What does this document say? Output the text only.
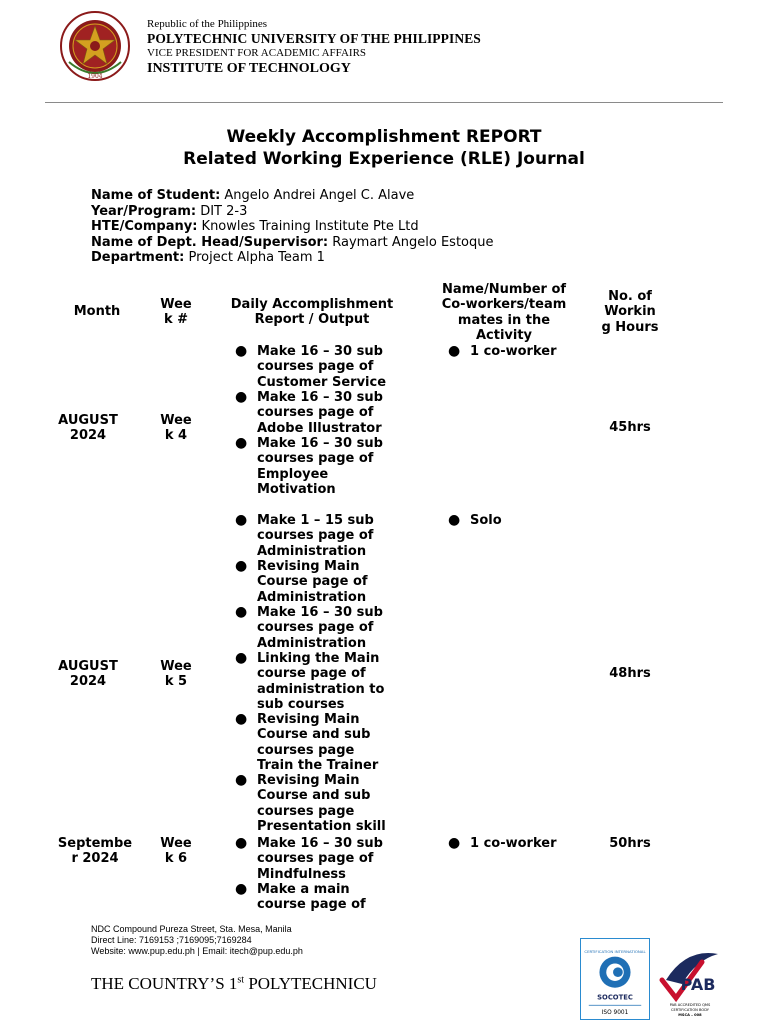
1904
Republic of the Philippines
POLYTECHNIC UNIVERSITY OF THE PHILIPPINES
VICE PRESIDENT FOR ACADEMIC AFFAIRS
INSTITUTE OF TECHNOLOGY
Weekly Accomplishment REPORT
Related Working Experience (RLE) Journal
Name of Student: Angelo Andrei Angel C. Alave
Year/Program: DIT 2-3
HTE/Company: Knowles Training Institute Pte Ltd
Name of Dept. Head/Supervisor: Raymart Angelo Estoque
Department: Project Alpha Team 1
Month	Wee
k #
Daily Accomplishment
Report / Output
Name/Number of
Co-workers/team
mates in the
Activity
No. of
Workin
g Hours
AUGUST
2024
Wee
k 4
● Make 16 – 30 sub
courses page of
Customer Service
● Make 16 – 30 sub
courses page of
Adobe Illustrator
● Make 16 – 30 sub
courses page of
Employee
Motivation
● 1 co-worker
45hrs
AUGUST
2024
Wee
k 5
● Make 1 – 15 sub
courses page of
Administration
● Revising Main
Course page of
Administration
● Make 16 – 30 sub
courses page of
Administration
● Linking the Main
course page of
administration to
sub courses
● Revising Main
Course and sub
courses page
Train the Trainer
● Revising Main
Course and sub
courses page
Presentation skill
● Solo
48hrs
Septembe
r 2024
Wee
k 6
● Make 16 – 30 sub
courses page of
Mindfulness
● Make a main
course page of
● 1 co-worker	50hrs
NDC Compound Pureza Street, Sta. Mesa, Manila
Direct Line: 7169153 ;7169095;7169284
Website: www.pup.edu.ph | Email: itech@pup.edu.ph
THE COUNTRY’S 1st POLYTECHNICU
CERTIFICATION INTERNATIONAL
SOCOTEC
ISO 9001
PAB
PAB ACCREDITED QMS
CERTIFICATION BODY
MSCA – 008
